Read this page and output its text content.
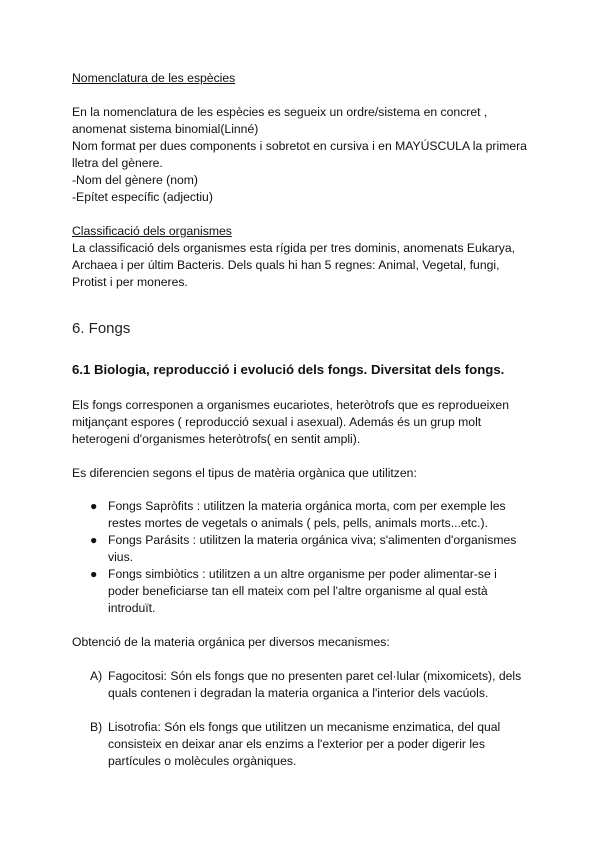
Nomenclatura de les espècies

En la nomenclatura de les espècies es segueix un ordre/sistema en concret ,

anomenat sistema binomial(Linné)

Nom format per dues components i sobretot en cursiva i en MAYÚSCULA la primera

lletra del gènere.

-Nom del gènere (nom)

-Epítet específic (adjectiu)

Classificació dels organismes

La classificació dels organismes esta rígida per tres dominis, anomenats Eukarya,

Archaea i per últim Bacteris. Dels quals hi han 5 regnes: Animal, Vegetal, fungi,

Protist i per moneres.

6. Fongs

6.1 Biologia, reproducció i evolució dels fongs. Diversitat dels fongs.

Els fongs corresponen a organismes eucariotes, heteròtrofs que es reprodueixen

mitjançant espores ( reproducció sexual i asexual). Además és un grup molt

heterogeni d'organismes heteròtrofs( en sentit ampli).

Es diferencien segons el tipus de matèria orgànica que utilitzen:

● Fongs Sapròfits : utilitzen la materia orgánica morta, com per exemple les

restes mortes de vegetals o animals ( pels, pells, animals morts...etc.).

● Fongs Parásits : utilitzen la materia orgánica viva; s'alimenten d'organismes

vius.

● Fongs simbiòtics : utilitzen a un altre organisme per poder alimentar-se i

poder beneficiarse tan ell mateix com pel l'altre organisme al qual està

introduït.

Obtenció de la materia orgánica per diversos mecanismes:

A) Fagocitosi: Són els fongs que no presenten paret cel·lular (mixomicets), dels

quals contenen i degradan la materia organica a l'interior dels vacúols.

B) Lisotrofia: Són els fongs que utilitzen un mecanisme enzimatica, del qual

consisteix en deixar anar els enzims a l'exterior per a poder digerir les

partícules o molècules orgàniques.
